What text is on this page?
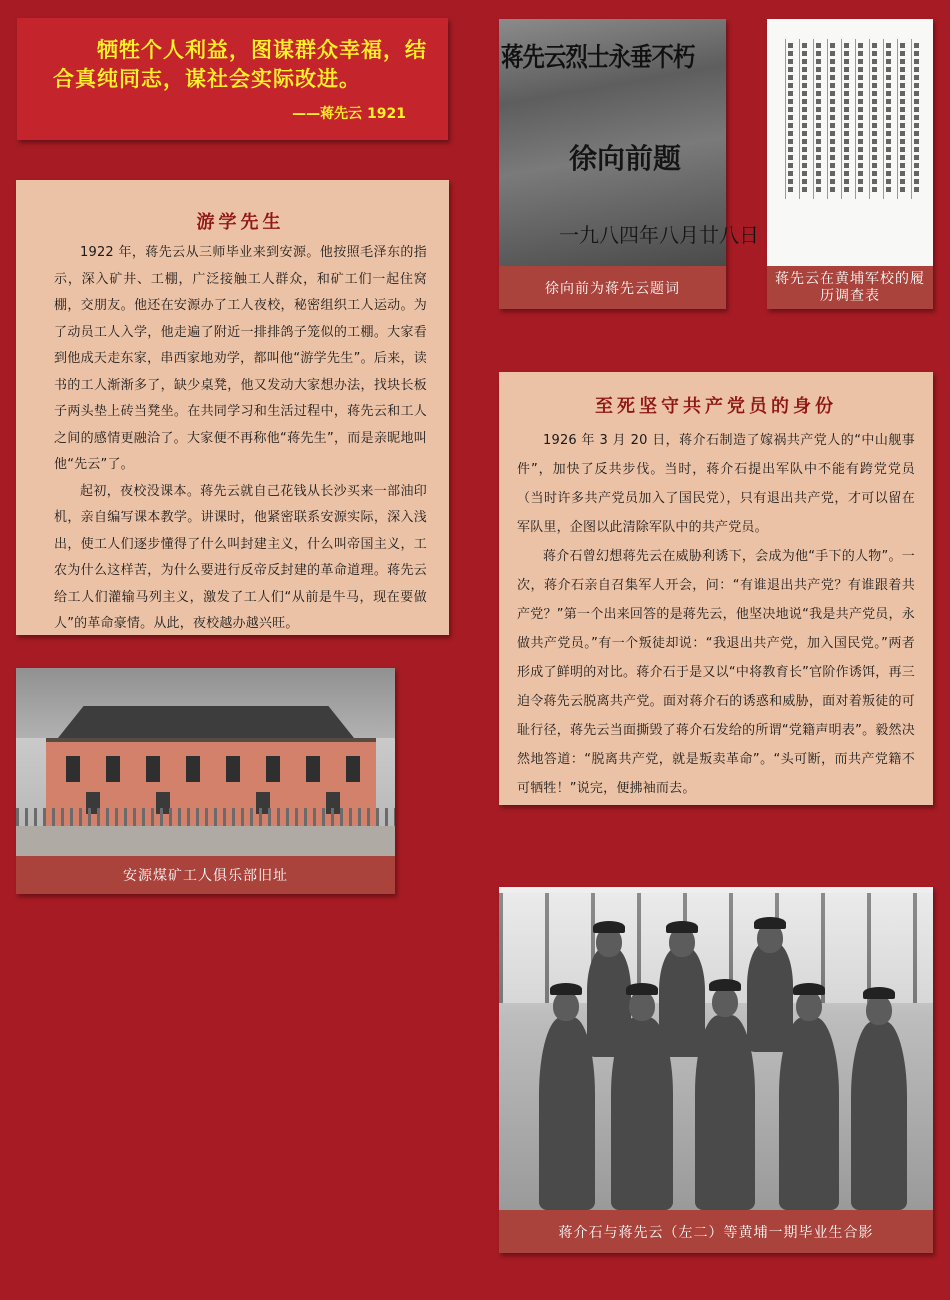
牺牲个人利益，图谋群众幸福，结合真纯同志，谋社会实际改进。

——蒋先云 1921
游学先生

1922 年，蒋先云从三师毕业来到安源。他按照毛泽东的指示，深入矿井、工棚，广泛接触工人群众，和矿工们一起住窝棚，交朋友。他还在安源办了工人夜校，秘密组织工人运动。为了动员工人入学，他走遍了附近一排排鸽子笼似的工棚。大家看到他成天走东家，串西家地劝学，都叫他“游学先生”。后来，读书的工人渐渐多了，缺少桌凳，他又发动大家想办法，找块长板子两头垫上砖当凳坐。在共同学习和生活过程中，蒋先云和工人之间的感情更融洽了。大家便不再称他“蒋先生”，而是亲昵地叫他“先云”了。

起初，夜校没课本。蒋先云就自己花钱从长沙买来一部油印机，亲自编写课本教学。讲课时，他紧密联系安源实际，深入浅出，使工人们逐步懂得了什么叫封建主义，什么叫帝国主义，工农为什么这样苦，为什么要进行反帝反封建的革命道理。蒋先云给工人们灌输马列主义，激发了工人们“从前是牛马，现在要做人”的革命豪情。从此，夜校越办越兴旺。

蒋先云烈士永垂不朽
徐向前题
一九八四年八月廿八日
徐向前为蒋先云题词
蒋先云在黄埔军校的履历调查表
至死坚守共产党员的身份

1926 年 3 月 20 日，蒋介石制造了嫁祸共产党人的“中山舰事件”，加快了反共步伐。当时，蒋介石提出军队中不能有跨党党员（当时许多共产党员加入了国民党），只有退出共产党，才可以留在军队里，企图以此清除军队中的共产党员。

蒋介石曾幻想蒋先云在威胁利诱下，会成为他“手下的人物”。一次，蒋介石亲自召集军人开会，问：“有谁退出共产党？有谁跟着共产党？”第一个出来回答的是蒋先云，他坚决地说“我是共产党员，永做共产党员。”有一个叛徒却说：“我退出共产党，加入国民党。”两者形成了鲜明的对比。蒋介石于是又以“中将教育长”官阶作诱饵，再三迫令蒋先云脱离共产党。面对蒋介石的诱惑和威胁，面对着叛徒的可耻行径，蒋先云当面撕毁了蒋介石发给的所谓“党籍声明表”。毅然决然地答道：“脱离共产党，就是叛卖革命”。“头可断，而共产党籍不可牺牲！”说完，便拂袖而去。

安源煤矿工人俱乐部旧址
蒋介石与蒋先云（左二）等黄埔一期毕业生合影
